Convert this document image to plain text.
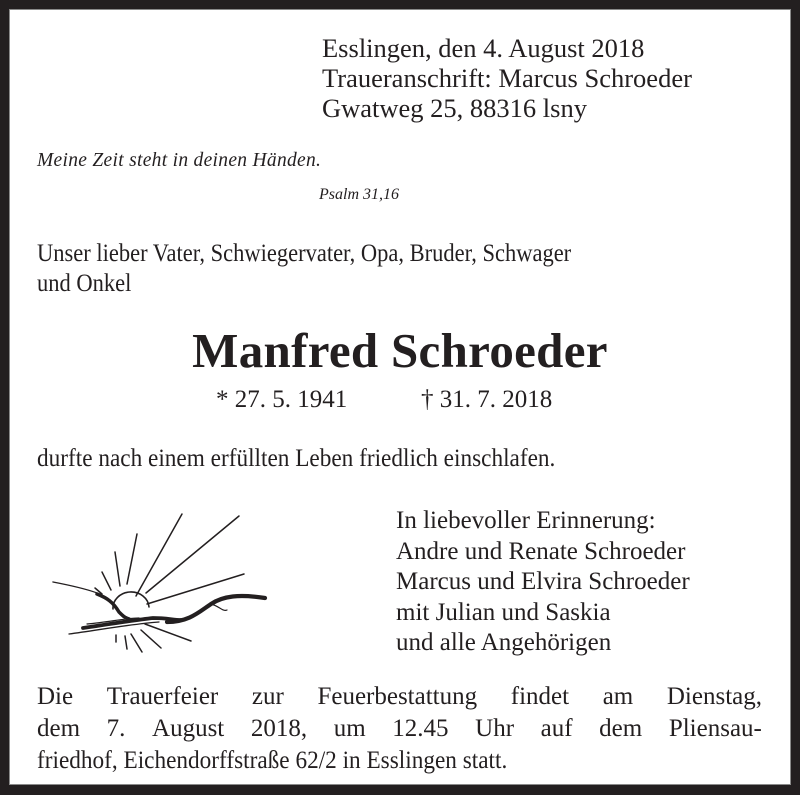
Esslingen, den 4. August 2018
Traueranschrift: Marcus Schroeder
Gwatweg 25, 88316 lsny
Meine Zeit steht in deinen Händen.
Psalm 31,16
Unser lieber Vater, Schwiegervater, Opa, Bruder, Schwager
und Onkel
Manfred Schroeder
* 27. 5. 1941	† 31. 7. 2018
durfte nach einem erfüllten Leben friedlich einschlafen.
In liebevoller Erinnerung:
Andre und Renate Schroeder
Marcus und Elvira Schroeder
mit Julian und Saskia
und alle Angehörigen
Die Trauerfeier zur Feuerbestattung findet am Dienstag,
dem 7. August 2018, um 12.45 Uhr auf dem Pliensau-
friedhof, Eichendorffstraße 62/2 in Esslingen statt.
